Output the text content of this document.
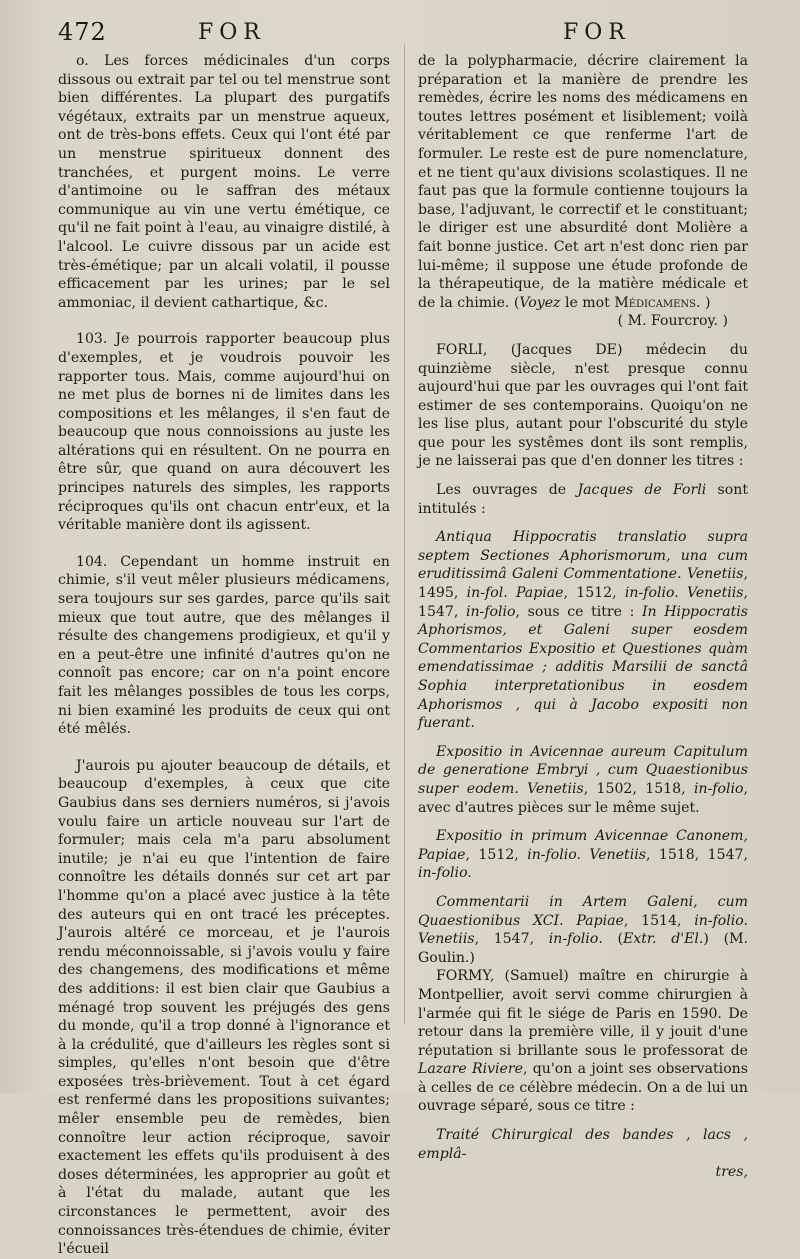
472	FOR	FOR

o. Les forces médicinales d'un corps dissous ou extrait par tel ou tel menstrue sont bien différentes. La plupart des purgatifs végétaux, extraits par un menstrue aqueux, ont de très-bons effets. Ceux qui l'ont été par un menstrue spiritueux donnent des tranchées, et purgent moins. Le verre d'antimoine ou le saffran des métaux communique au vin une vertu émétique, ce qu'il ne fait point à l'eau, au vinaigre distilé, à l'alcool. Le cuivre dissous par un acide est très-émétique; par un alcali volatil, il pousse efficacement par les urines; par le sel ammoniac, il devient cathartique, &c.

103. Je pourrois rapporter beaucoup plus d'exemples, et je voudrois pouvoir les rapporter tous. Mais, comme aujourd'hui on ne met plus de bornes ni de limites dans les compositions et les mêlanges, il s'en faut de beaucoup que nous connoissions au juste les altérations qui en résultent. On ne pourra en être sûr, que quand on aura découvert les principes naturels des simples, les rapports réciproques qu'ils ont chacun entr'eux, et la véritable manière dont ils agissent.

104. Cependant un homme instruit en chimie, s'il veut mêler plusieurs médicamens, sera toujours sur ses gardes, parce qu'ils sait mieux que tout autre, que des mêlanges il résulte des changemens prodigieux, et qu'il y en a peut-être une infinité d'autres qu'on ne connoît pas encore; car on n'a point encore fait les mêlanges possibles de tous les corps, ni bien examiné les produits de ceux qui ont été mêlés.

J'aurois pu ajouter beaucoup de détails, et beaucoup d'exemples, à ceux que cite Gaubius dans ses derniers numéros, si j'avois voulu faire un article nouveau sur l'art de formuler; mais cela m'a paru absolument inutile; je n'ai eu que l'intention de faire connoître les détails donnés sur cet art par l'homme qu'on a placé avec justice à la tête des auteurs qui en ont tracé les préceptes. J'aurois altéré ce morceau, et je l'aurois rendu méconnoissable, si j'avois voulu y faire des changemens, des modifications et même des additions: il est bien clair que Gaubius a ménagé trop souvent les préjugés des gens du monde, qu'il a trop donné à l'ignorance et à la crédulité, que d'ailleurs les règles sont si simples, qu'elles n'ont besoin que d'être exposées très-brièvement. Tout à cet égard est renfermé dans les propositions suivantes; mêler ensemble peu de remèdes, bien connoître leur action réciproque, savoir exactement les effets qu'ils produisent à des doses déterminées, les approprier au goût et à l'état du malade, autant que les circonstances le permettent, avoir des connoissances très-étendues de chimie, éviter l'écueil

de la polypharmacie, décrire clairement la préparation et la manière de prendre les remèdes, écrire les noms des médicamens en toutes lettres posément et lisiblement; voilà véritablement ce que renferme l'art de formuler. Le reste est de pure nomenclature, et ne tient qu'aux divisions scolastiques. Il ne faut pas que la formule contienne toujours la base, l'adjuvant, le correctif et le constituant; le diriger est une absurdité dont Molière a fait bonne justice. Cet art n'est donc rien par lui-même; il suppose une étude profonde de la thérapeutique, de la matière médicale et de la chimie. (Voyez le mot Médicamens. )

( M. Fourcroy. )

FORLI, (Jacques DE) médecin du quinzième siècle, n'est presque connu aujourd'hui que par les ouvrages qui l'ont fait estimer de ses contemporains. Quoiqu'on ne les lise plus, autant pour l'obscurité du style que pour les systêmes dont ils sont remplis, je ne laisserai pas que d'en donner les titres :

Les ouvrages de Jacques de Forli sont intitulés :

Antiqua Hippocratis translatio supra septem Sectiones Aphorismorum, una cum eruditissimâ Galeni Commentatione. Venetiis, 1495, in-fol. Papiae, 1512, in-folio. Venetiis, 1547, in-folio, sous ce titre : In Hippocratis Aphorismos, et Galeni super eosdem Commentarios Expositio et Questiones quàm emendatissimae ; additis Marsilii de sanctâ Sophia interpretationibus in eosdem Aphorismos , qui à Jacobo expositi non fuerant.

Expositio in Avicennae aureum Capitulum de generatione Embryi , cum Quaestionibus super eodem. Venetiis, 1502, 1518, in-folio, avec d'autres pièces sur le même sujet.

Expositio in primum Avicennae Canonem, Papiae, 1512, in-folio. Venetiis, 1518, 1547, in-folio.

Commentarii in Artem Galeni, cum Quaestionibus XCI. Papiae, 1514, in-folio. Venetiis, 1547, in-folio. (Extr. d'El.) (M. Goulin.)

FORMY, (Samuel) maître en chirurgie à Montpellier, avoit servi comme chirurgien à l'armée qui fit le siége de Paris en 1590. De retour dans la première ville, il y jouit d'une réputation si brillante sous le professorat de Lazare Riviere, qu'on a joint ses observations à celles de ce célèbre médecin. On a de lui un ouvrage séparé, sous ce titre :

Traité Chirurgical des bandes , lacs , emplâ-

tres,
